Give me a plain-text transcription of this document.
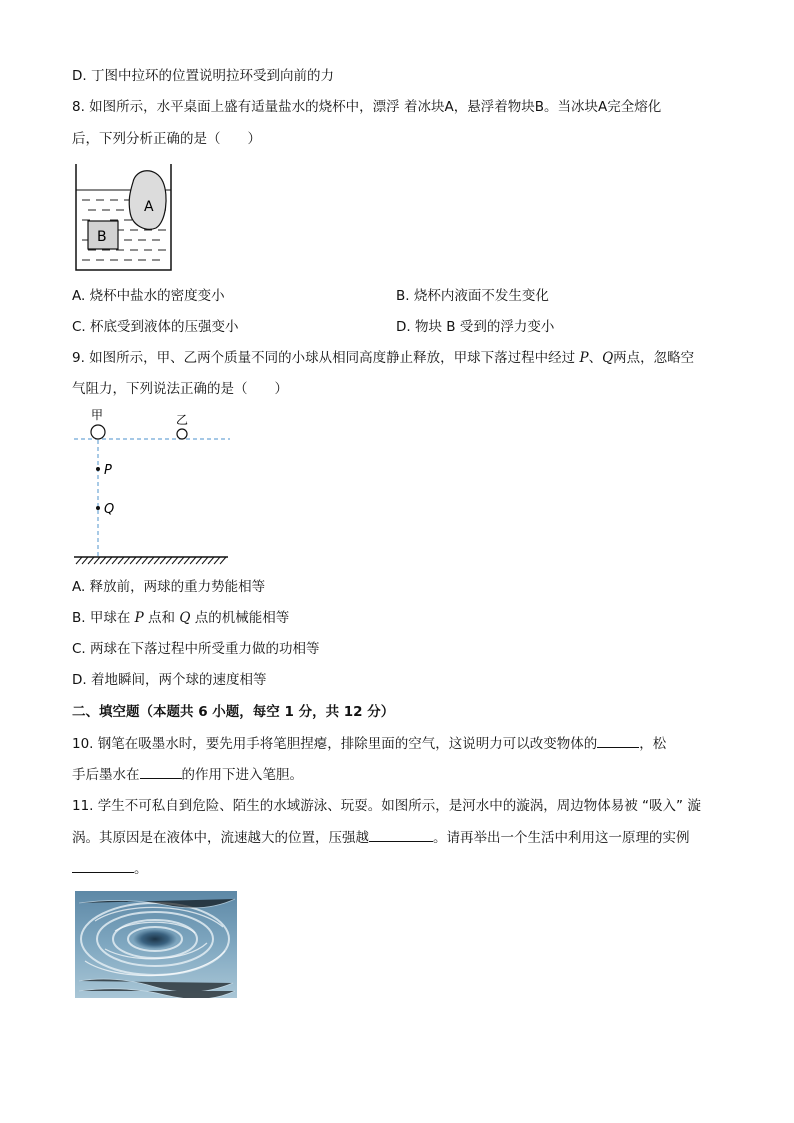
D. 丁图中拉环的位置说明拉环受到向前的力
8. 如图所示，水平桌面上盛有适量盐水的烧杯中，漂浮 着冰块A，悬浮着物块B。当冰块A完全熔化
后，下列分析正确的是（　　）
A
B
A. 烧杯中盐水的密度变小	B. 烧杯内液面不发生变化
C. 杯底受到液体的压强变小	D. 物块 B 受到的浮力变小
9. 如图所示，甲、乙两个质量不同的小球从相同高度静止释放，甲球下落过程中经过 P、Q两点，忽略空
气阻力，下列说法正确的是（　　）
甲	乙
P
Q
A. 释放前，两球的重力势能相等
B. 甲球在 P 点和 Q 点的机械能相等
C. 两球在下落过程中所受重力做的功相等
D. 着地瞬间，两个球的速度相等
二、填空题（本题共 6 小题，每空 1 分，共 12 分）
10. 钢笔在吸墨水时，要先用手将笔胆捏瘪，排除里面的空气，这说明力可以改变物体的	，松
手后墨水在	的作用下进入笔胆。
11. 学生不可私自到危险、陌生的水域游泳、玩耍。如图所示，是河水中的漩涡，周边物体易被 “吸入” 漩
涡。其原因是在液体中，流速越大的位置，压强越	。请再举出一个生活中利用这一原理的实例
。
